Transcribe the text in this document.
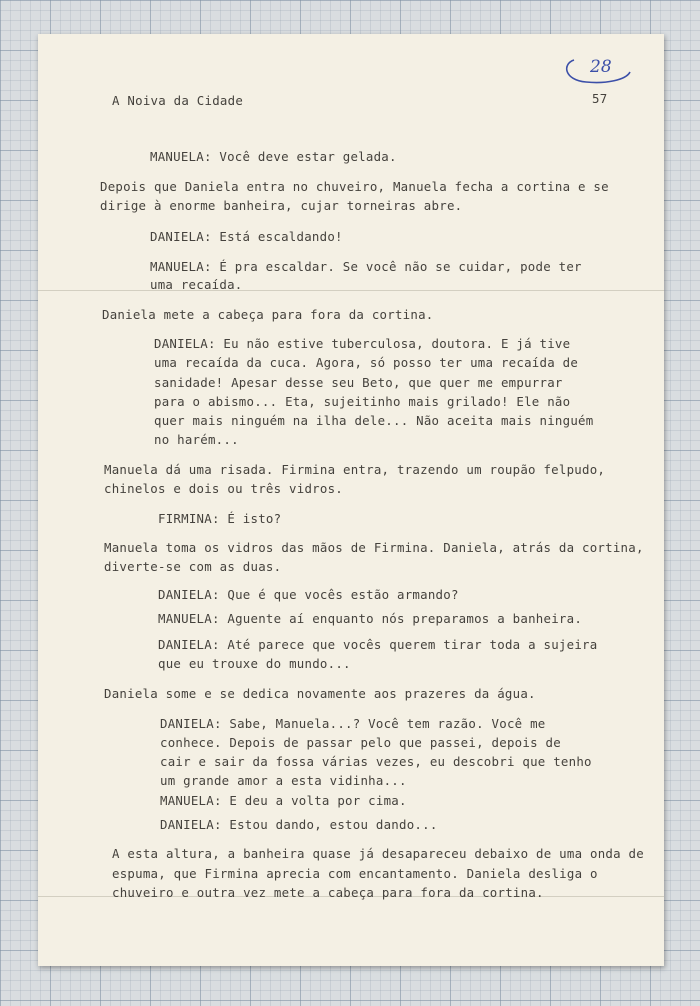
28

A Noiva da Cidade	57

MANUELA: Você deve estar gelada.

Depois que Daniela entra no chuveiro, Manuela fecha a cortina e se

dirige à enorme banheira, cujar torneiras abre.

DANIELA: Está escaldando!

MANUELA: É pra escaldar. Se você não se cuidar, pode ter

uma recaída.

Daniela mete a cabeça para fora da cortina.

DANIELA: Eu não estive tuberculosa, doutora. E já tive

uma recaída da cuca. Agora, só posso ter uma recaída de

sanidade! Apesar desse seu Beto, que quer me empurrar

para o abismo... Eta, sujeitinho mais grilado! Ele não

quer mais ninguém na ilha dele... Não aceita mais ninguém

no harém...

Manuela dá uma risada. Firmina entra, trazendo um roupão felpudo,

chinelos e dois ou três vidros.

FIRMINA: É isto?

Manuela toma os vidros das mãos de Firmina. Daniela, atrás da cortina,

diverte-se com as duas.

DANIELA: Que é que vocês estão armando?

MANUELA: Aguente aí enquanto nós preparamos a banheira.

DANIELA: Até parece que vocês querem tirar toda a sujeira

que eu trouxe do mundo...

Daniela some e se dedica novamente aos prazeres da água.

DANIELA: Sabe, Manuela...? Você tem razão. Você me

conhece. Depois de passar pelo que passei, depois de

cair e sair da fossa várias vezes, eu descobri que tenho

um grande amor a esta vidinha...

MANUELA: E deu a volta por cima.

DANIELA: Estou dando, estou dando...

A esta altura, a banheira quase já desapareceu debaixo de uma onda de

espuma, que Firmina aprecia com encantamento. Daniela desliga o

chuveiro e outra vez mete a cabeça para fora da cortina.
